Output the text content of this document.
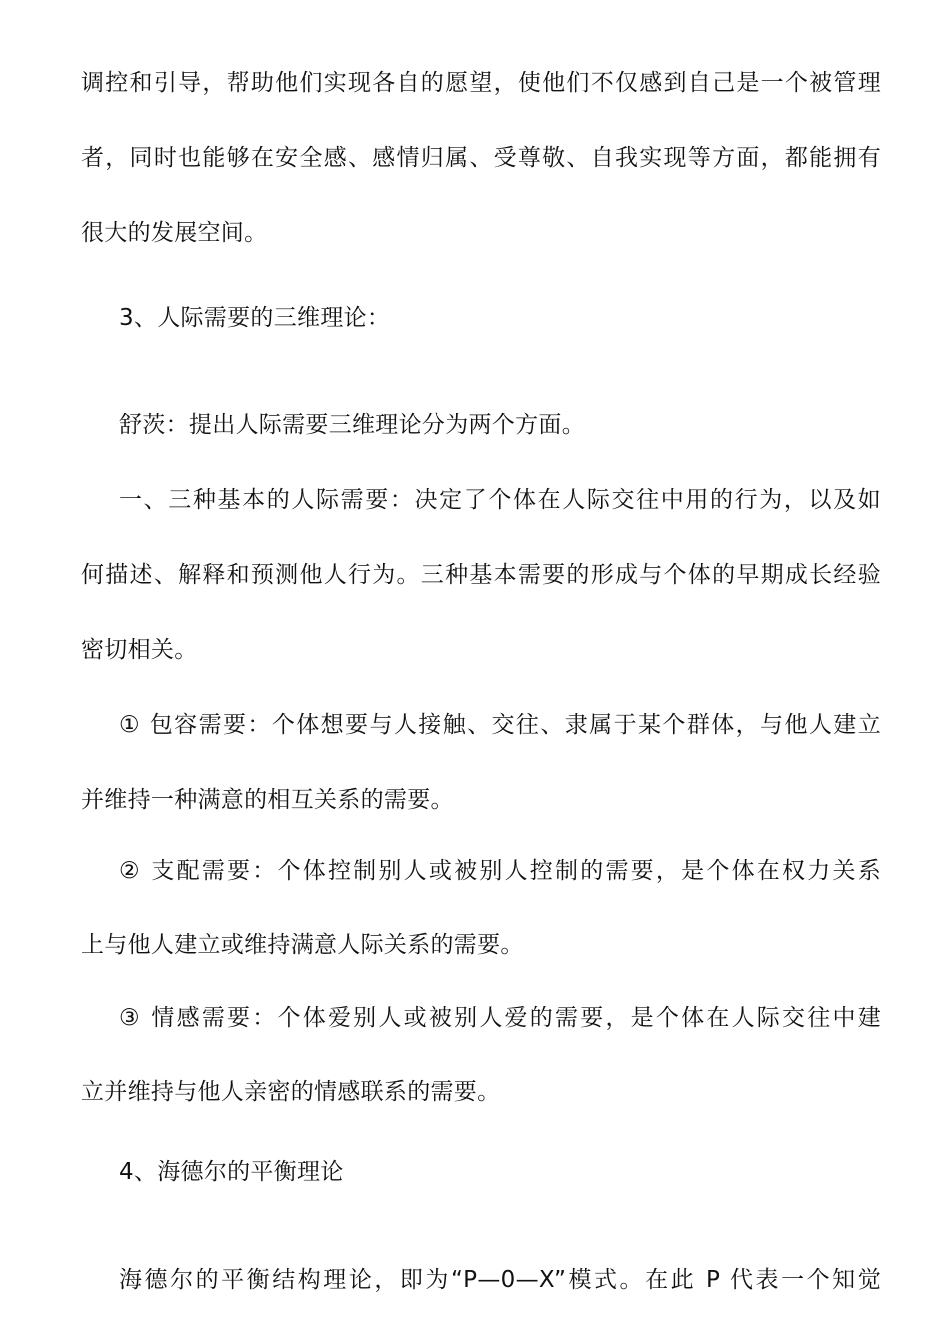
调控和引导，帮助他们实现各自的愿望，使他们不仅感到自己是一个被管理
者，同时也能够在安全感、感情归属、受尊敬、自我实现等方面，都能拥有
很大的发展空间。
3、人际需要的三维理论：
舒茨：提出人际需要三维理论分为两个方面。
一、三种基本的人际需要：决定了个体在人际交往中用的行为，以及如
何描述、解释和预测他人行为。三种基本需要的形成与个体的早期成长经验
密切相关。
① 包容需要：个体想要与人接触、交往、隶属于某个群体，与他人建立
并维持一种满意的相互关系的需要。
② 支配需要：个体控制别人或被别人控制的需要，是个体在权力关系
上与他人建立或维持满意人际关系的需要。
③ 情感需要：个体爱别人或被别人爱的需要，是个体在人际交往中建
立并维持与他人亲密的情感联系的需要。
4、海德尔的平衡理论
海德尔的平衡结构理论，即为“P—0—X”模式。在此 P 代表一个知觉
